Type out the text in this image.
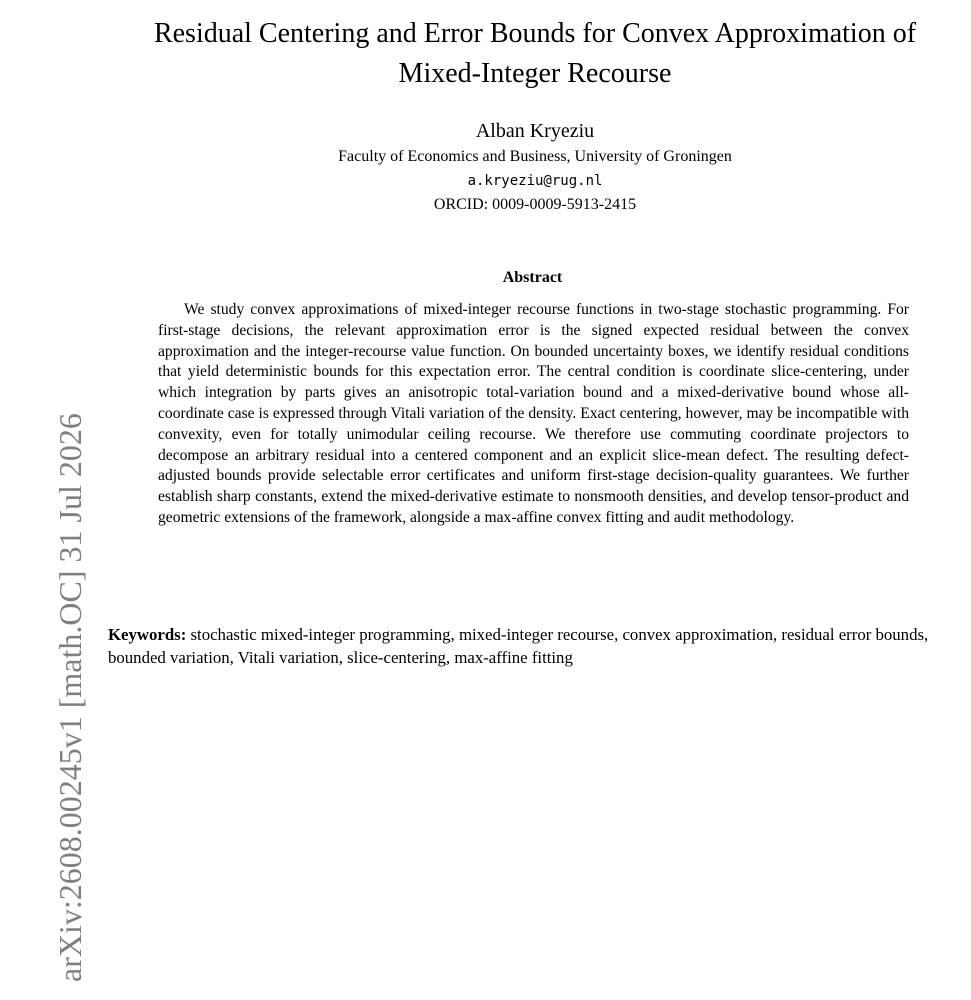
arXiv:2608.00245v1 [math.OC] 31 Jul 2026
Residual Centering and Error Bounds for Convex Approximation of
Mixed-Integer Recourse
Alban Kryeziu
Faculty of Economics and Business, University of Groningen
a.kryeziu@rug.nl
ORCID: 0009-0009-5913-2415
Abstract

We study convex approximations of mixed-integer recourse functions in two-stage stochastic programming. For first-stage decisions, the relevant approximation error is the signed expected residual between the convex approximation and the integer-recourse value function. On bounded uncertainty boxes, we identify residual conditions that yield deterministic bounds for this expectation error. The central condition is coordinate slice-centering, under which integration by parts gives an anisotropic total-variation bound and a mixed-derivative bound whose all-coordinate case is expressed through Vitali variation of the density. Exact centering, however, may be incompatible with convexity, even for totally unimodular ceiling recourse. We therefore use commuting coordinate projectors to decompose an arbitrary residual into a centered component and an explicit slice-mean defect. The resulting defect-adjusted bounds provide selectable error certificates and uniform first-stage decision-quality guarantees. We further establish sharp constants, extend the mixed-derivative estimate to nonsmooth densities, and develop tensor-product and geometric extensions of the framework, alongside a max-affine convex fitting and audit methodology.

Keywords: stochastic mixed-integer programming, mixed-integer recourse, convex approximation, residual error bounds, bounded variation, Vitali variation, slice-centering, max-affine fitting
